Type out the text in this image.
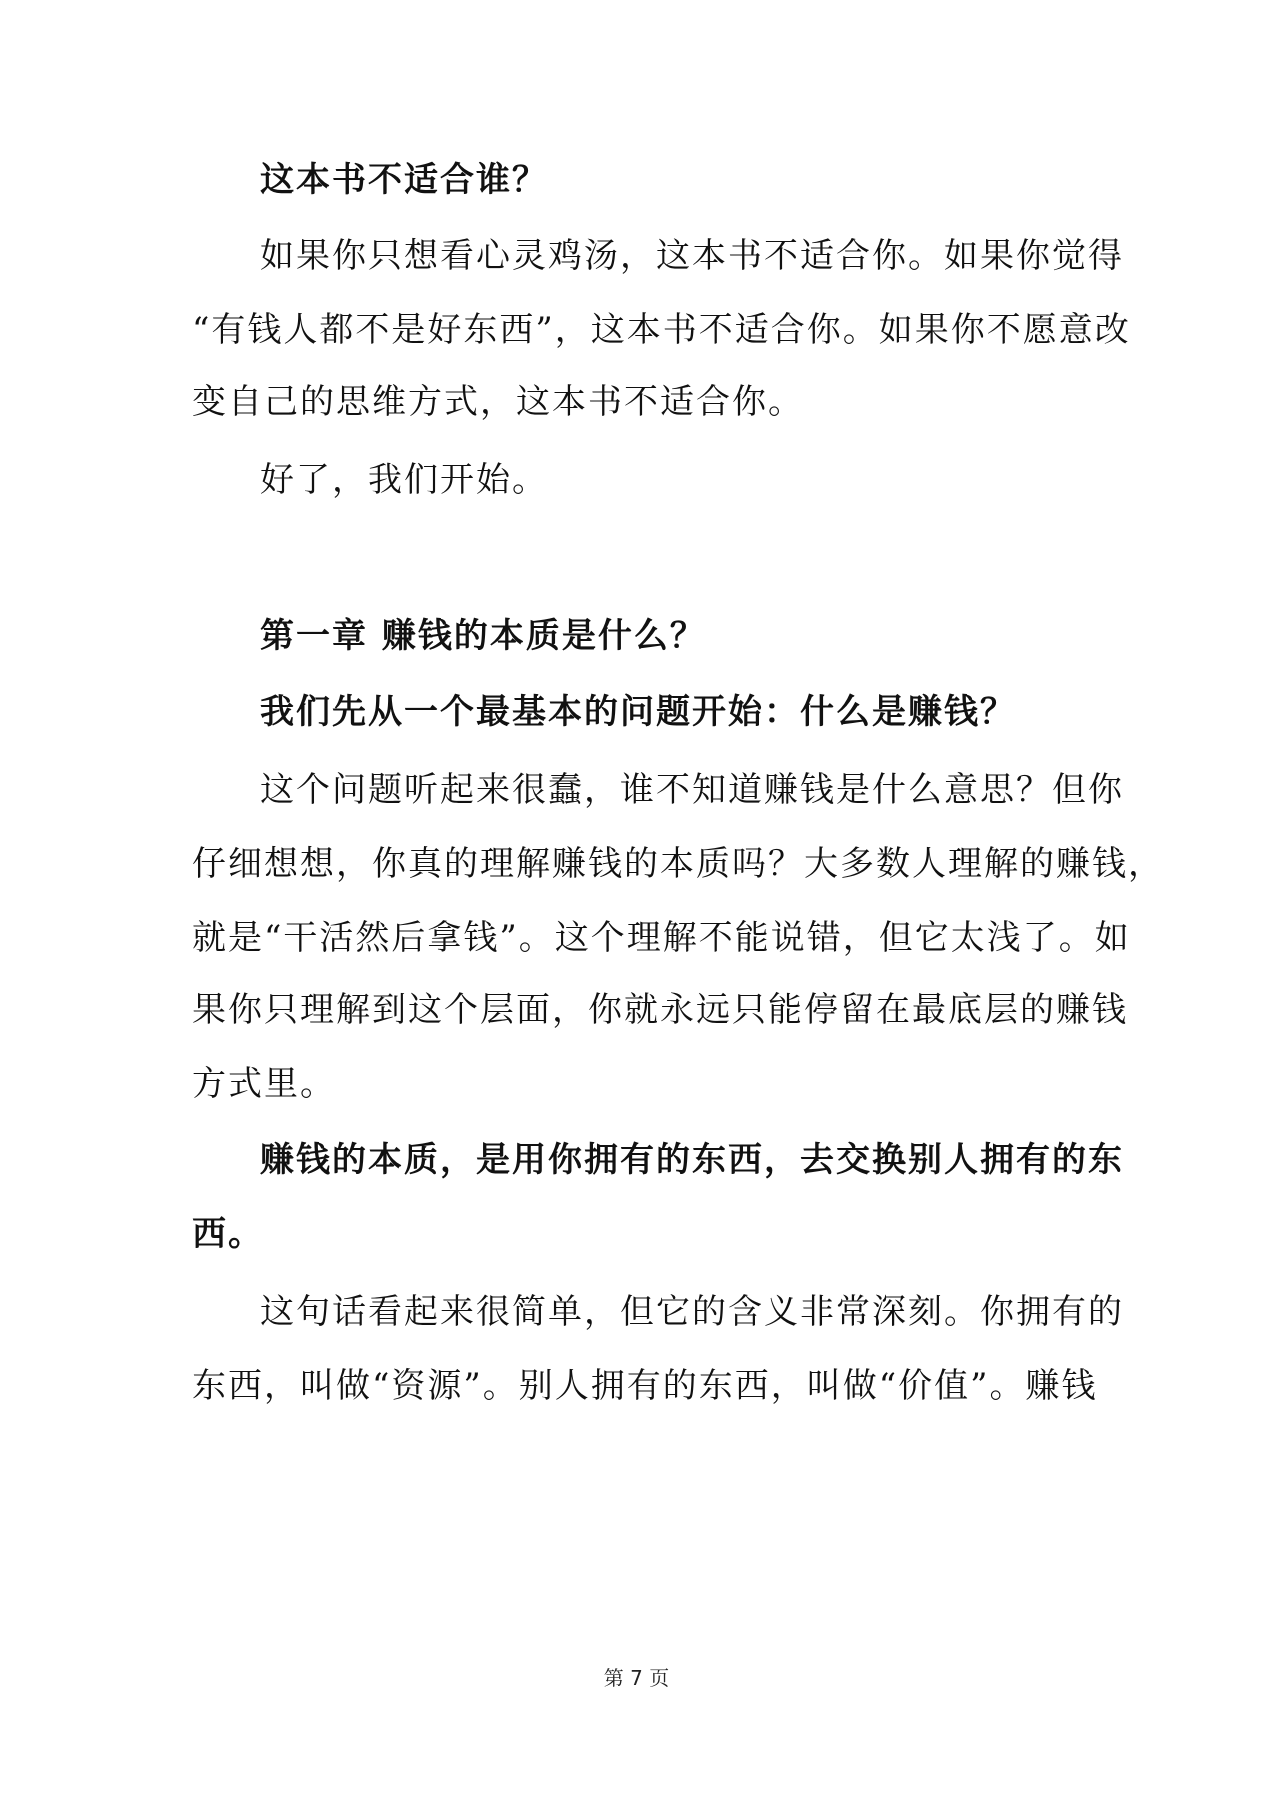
这本书不适合谁？
如果你只想看心灵鸡汤，这本书不适合你。如果你觉得
“有钱人都不是好东西”，这本书不适合你。如果你不愿意改
变自己的思维方式，这本书不适合你。
好了，我们开始。
第一章 赚钱的本质是什么？
我们先从一个最基本的问题开始：什么是赚钱？
这个问题听起来很蠢，谁不知道赚钱是什么意思？但你
仔细想想，你真的理解赚钱的本质吗？大多数人理解的赚钱，
就是“干活然后拿钱”。这个理解不能说错，但它太浅了。如
果你只理解到这个层面，你就永远只能停留在最底层的赚钱
方式里。
赚钱的本质，是用你拥有的东西，去交换别人拥有的东
西。
这句话看起来很简单，但它的含义非常深刻。你拥有的
东西，叫做“资源”。别人拥有的东西，叫做“价值”。赚钱
第 7 页
